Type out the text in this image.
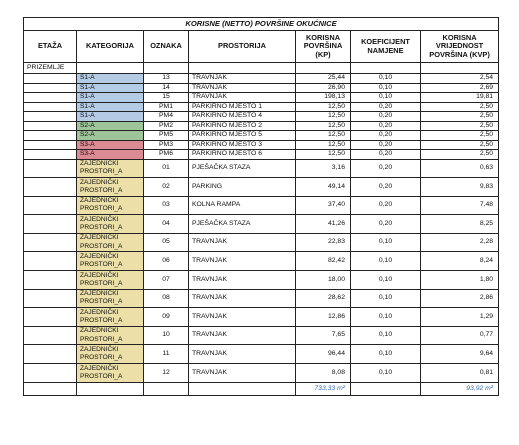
KORISNE (NETTO) POVRŠINE OKUĆNICE						
ETAŽA	KATEGORIJA	OZNAKA	PROSTORIJA	KORISNA POVRŠINA (KP)	KOEFICIJENT NAMJENE	KORISNA VRIJEDNOST POVRŠINA (KVP)
PRIZEMLJE						
	S1-A	13	TRAVNJAK	25,44	0,10	2,54
	S1-A	14	TRAVNJAK	26,90	0,10	2,69
	S1-A	15	TRAVNJAK	198,13	0,10	19,81
	S1-A	PM1	PARKIRNO MJESTO 1	12,50	0,20	2,50
	S1-A	PM4	PARKIRNO MJESTO 4	12,50	0,20	2,50
	S2-A	PM2	PARKIRNO MJESTO 2	12,50	0,20	2,50
	S2-A	PM5	PARKIRNO MJESTO 5	12,50	0,20	2,50
	S3-A	PM3	PARKIRNO MJESTO 3	12,50	0,20	2,50
	S3-A	PM6	PARKIRNO MJESTO 6	12,50	0,20	2,50
	ZAJEDNIČKI PROSTORI_A	01	PJEŠAČKA STAZA	3,16	0,20	0,63
	ZAJEDNIČKI PROSTORI_A	02	PARKING	49,14	0,20	9,83
	ZAJEDNIČKI PROSTORI_A	03	KOLNA RAMPA	37,40	0,20	7,48
	ZAJEDNIČKI PROSTORI_A	04	PJEŠAČKA STAZA	41,26	0,20	8,25
	ZAJEDNIČKI PROSTORI_A	05	TRAVNJAK	22,83	0,10	2,28
	ZAJEDNIČKI PROSTORI_A	06	TRAVNJAK	82,42	0,10	8,24
	ZAJEDNIČKI PROSTORI_A	07	TRAVNJAK	18,00	0,10	1,80
	ZAJEDNIČKI PROSTORI_A	08	TRAVNJAK	28,62	0,10	2,86
	ZAJEDNIČKI PROSTORI_A	09	TRAVNJAK	12,86	0,10	1,29
	ZAJEDNIČKI PROSTORI_A	10	TRAVNJAK	7,65	0,10	0,77
	ZAJEDNIČKI PROSTORI_A	11	TRAVNJAK	96,44	0,10	9,64
	ZAJEDNIČKI PROSTORI_A	12	TRAVNJAK	8,08	0,10	0,81
				733,33 m²		93,92 m²
